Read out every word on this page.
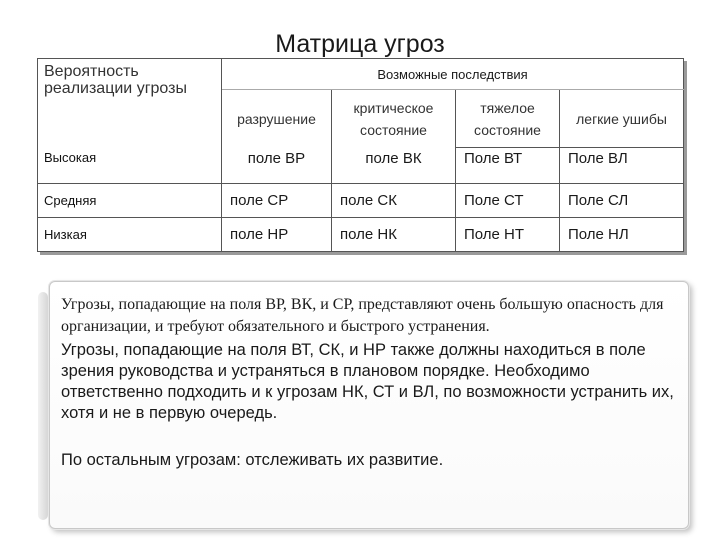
Матрица угроз
Вероятность реализации угрозы	Возможные последствия			
	разрушение	критическое состояние	тяжелое состояние	легкие ушибы
Высокая	поле ВР	поле ВК	Поле ВТ	Поле ВЛ
Средняя	поле СР	поле СК	Поле СТ	Поле СЛ
Низкая	поле НР	поле НК	Поле НТ	Поле НЛ
Угрозы, попадающие на поля ВР, ВК, и СР, представляют очень большую опасность для организации, и требуют обязательного и быстрого устранения.
Угрозы, попадающие на поля ВТ, СК, и НР также должны находиться в поле зрения руководства и устраняться в плановом порядке. Необходимо ответственно подходить и к угрозам НК, СТ и ВЛ, по возможности устранить их, хотя и не в первую очередь.
По остальным угрозам: отслеживать их развитие.
